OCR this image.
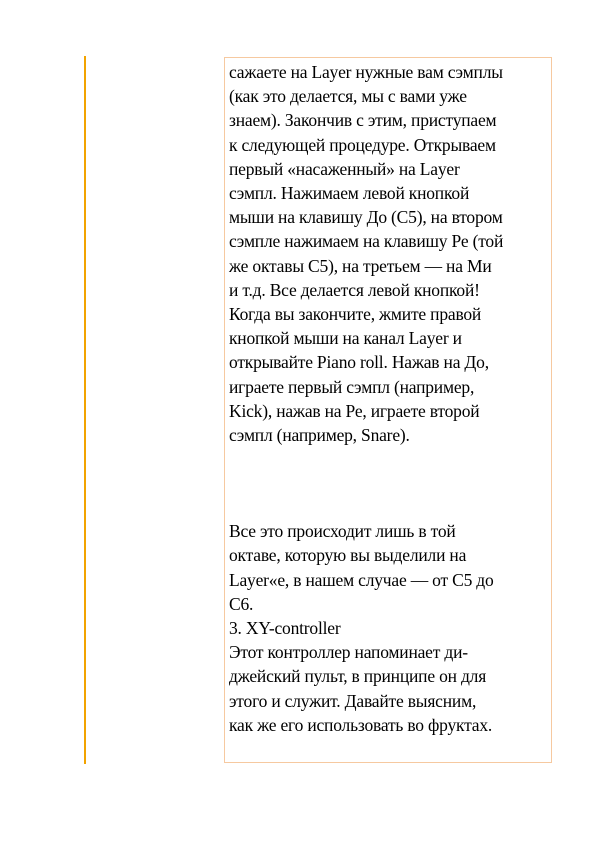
сажаете на Layer нужные вам сэмплы
(как это делается, мы с вами уже
знаем). Закончив с этим, приступаем
к следующей процедуре. Открываем
первый «насаженный» на Layer
сэмпл. Нажимаем левой кнопкой
мыши на клавишу До (C5), на втором
сэмпле нажимаем на клавишу Ре (той
же октавы C5), на третьем — на Ми
и т.д. Все делается левой кнопкой!
Когда вы закончите, жмите правой
кнопкой мыши на канал Layer и
открывайте Piano roll. Нажав на До,
играете первый сэмпл (например,
Kick), нажав на Ре, играете второй
сэмпл (например, Snare).
Все это происходит лишь в той
октаве, которую вы выделили на
Layer«е, в нашем случае — от C5 до
C6.
3. XY-controller
Этот контроллер напоминает ди-
джейский пульт, в принципе он для
этого и служит. Давайте выясним,
как же его использовать во фруктах.
